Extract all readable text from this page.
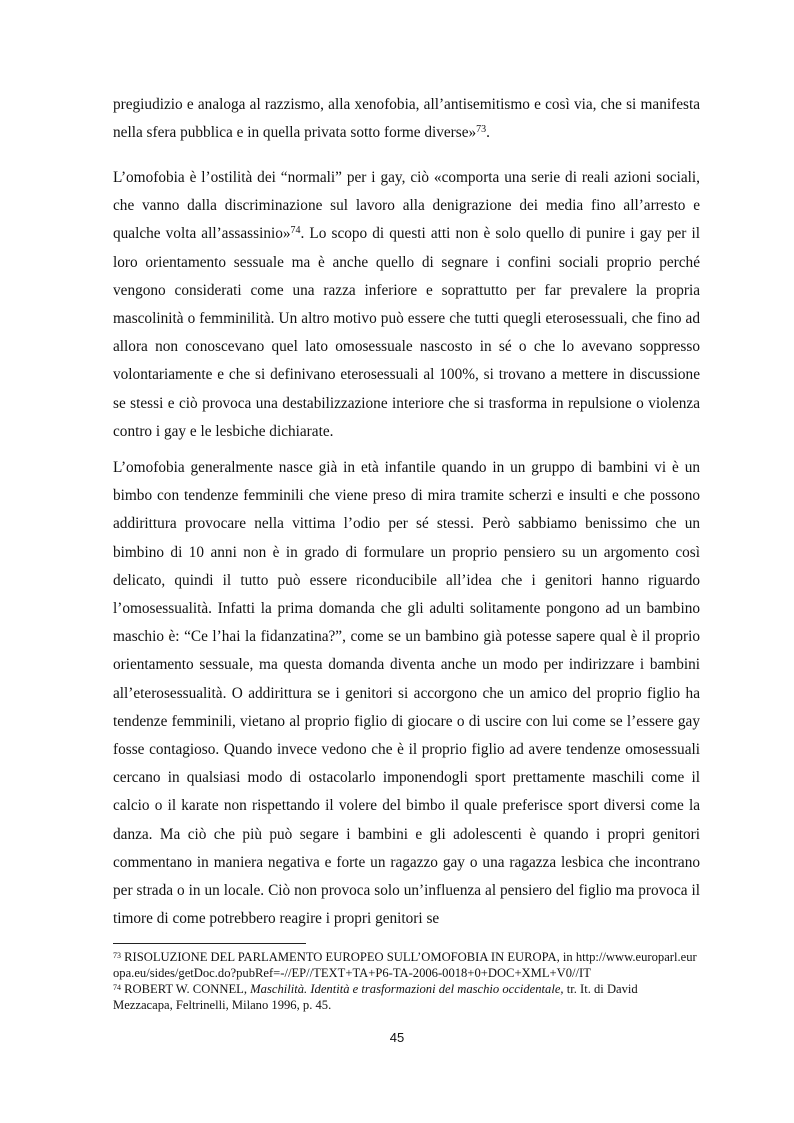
pregiudizio e analoga al razzismo, alla xenofobia, all’antisemitismo e così via, che si manifesta nella sfera pubblica e in quella privata sotto forme diverse»$^{73}$.

L’omofobia è l’ostilità dei “normali” per i gay, ciò «comporta una serie di reali azioni sociali, che vanno dalla discriminazione sul lavoro alla denigrazione dei media fino all’arresto e qualche volta all’assassinio»$^{74}$. Lo scopo di questi atti non è solo quello di punire i gay per il loro orientamento sessuale ma è anche quello di segnare i confini sociali proprio perché vengono considerati come una razza inferiore e soprattutto per far prevalere la propria mascolinità o femminilità. Un altro motivo può essere che tutti quegli eterosessuali, che fino ad allora non conoscevano quel lato omosessuale nascosto in sé o che lo avevano soppresso volontariamente e che si definivano eterosessuali al 100%, si trovano a mettere in discussione se stessi e ciò provoca una destabilizzazione interiore che si trasforma in repulsione o violenza contro i gay e le lesbiche dichiarate.

L’omofobia generalmente nasce già in età infantile quando in un gruppo di bambini vi è un bimbo con tendenze femminili che viene preso di mira tramite scherzi e insulti e che possono addirittura provocare nella vittima l’odio per sé stessi. Però sabbiamo benissimo che un bimbino di 10 anni non è in grado di formulare un proprio pensiero su un argomento così delicato, quindi il tutto può essere riconducibile all’idea che i genitori hanno riguardo l’omosessualità. Infatti la prima domanda che gli adulti solitamente pongono ad un bambino maschio è: “Ce l’hai la fidanzatina?”, come se un bambino già potesse sapere qual è il proprio orientamento sessuale, ma questa domanda diventa anche un modo per indirizzare i bambini all’eterosessualità. O addirittura se i genitori si accorgono che un amico del proprio figlio ha tendenze femminili, vietano al proprio figlio di giocare o di uscire con lui come se l’essere gay fosse contagioso. Quando invece vedono che è il proprio figlio ad avere tendenze omosessuali cercano in qualsiasi modo di ostacolarlo imponendogli sport prettamente maschili come il calcio o il karate non rispettando il volere del bimbo il quale preferisce sport diversi come la danza. Ma ciò che più può segare i bambini e gli adolescenti è quando i propri genitori commentano in maniera negativa e forte un ragazzo gay o una ragazza lesbica che incontrano per strada o in un locale. Ciò non provoca solo un’influenza al pensiero del figlio ma provoca il timore di come potrebbero reagire i propri genitori se

$^{73}$ RISOLUZIONE DEL PARLAMENTO EUROPEO SULL’OMOFOBIA IN EUROPA, in http://www.europarl.europa.eu/sides/getDoc.do?pubRef=-//EP//TEXT+TA+P6-TA-2006-0018+0+DOC+XML+V0//IT

$^{74}$ ROBERT W. CONNEL, Maschilità. Identità e trasformazioni del maschio occidentale, tr. It. di David Mezzacapa, Feltrinelli, Milano 1996, p. 45.

45
